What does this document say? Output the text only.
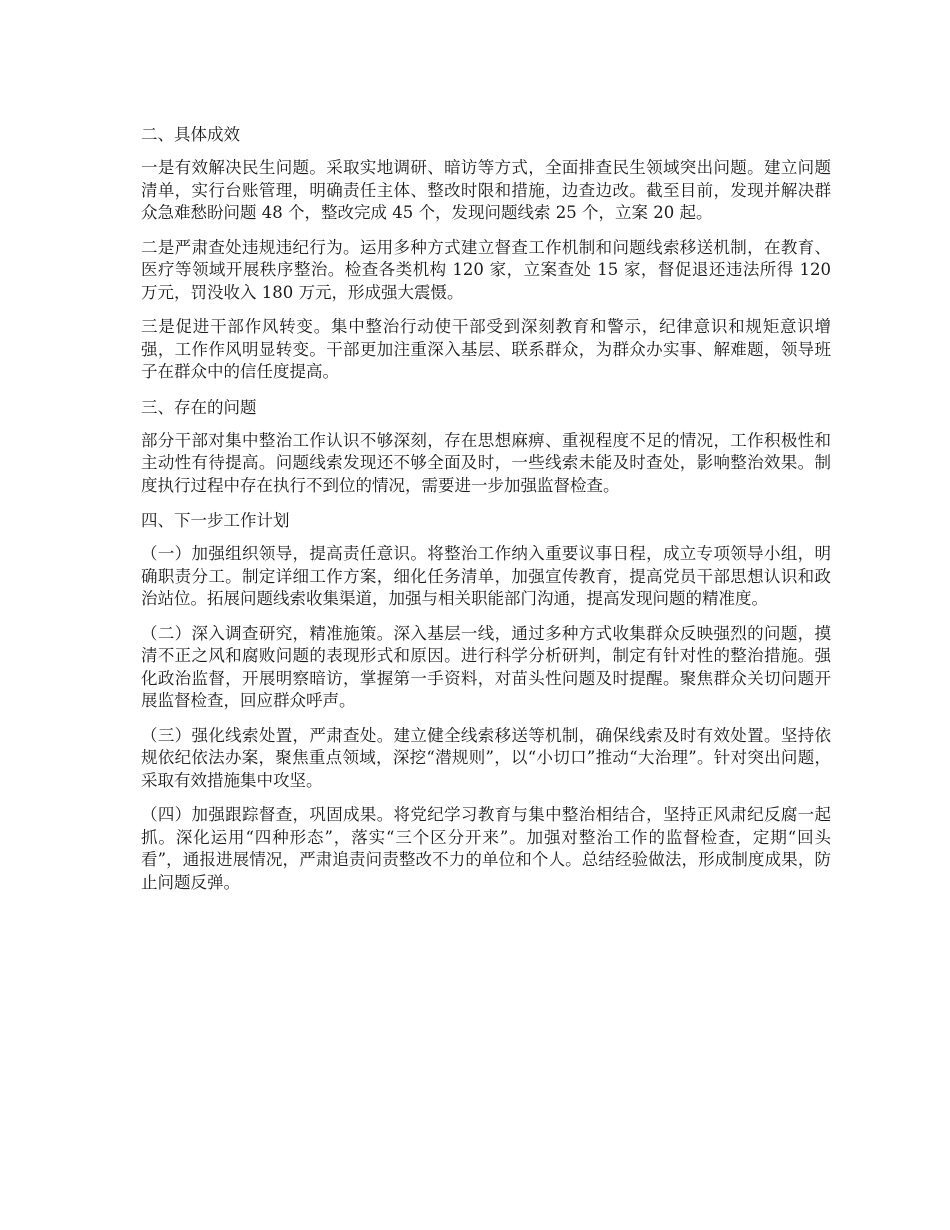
二、具体成效

一是有效解决民生问题。采取实地调研、暗访等方式，全面排查民生领域突出问题。建立问题清单，实行台账管理，明确责任主体、整改时限和措施，边查边改。截至目前，发现并解决群众急难愁盼问题 48 个，整改完成 45 个，发现问题线索 25 个，立案 20 起。

二是严肃查处违规违纪行为。运用多种方式建立督查工作机制和问题线索移送机制，在教育、医疗等领域开展秩序整治。检查各类机构 120 家，立案查处 15 家，督促退还违法所得 120 万元，罚没收入 180 万元，形成强大震慑。

三是促进干部作风转变。集中整治行动使干部受到深刻教育和警示，纪律意识和规矩意识增强，工作作风明显转变。干部更加注重深入基层、联系群众，为群众办实事、解难题，领导班子在群众中的信任度提高。

三、存在的问题

部分干部对集中整治工作认识不够深刻，存在思想麻痹、重视程度不足的情况，工作积极性和主动性有待提高。问题线索发现还不够全面及时，一些线索未能及时查处，影响整治效果。制度执行过程中存在执行不到位的情况，需要进一步加强监督检查。

四、下一步工作计划

（一）加强组织领导，提高责任意识。将整治工作纳入重要议事日程，成立专项领导小组，明确职责分工。制定详细工作方案，细化任务清单，加强宣传教育，提高党员干部思想认识和政治站位。拓展问题线索收集渠道，加强与相关职能部门沟通，提高发现问题的精准度。

（二）深入调查研究，精准施策。深入基层一线，通过多种方式收集群众反映强烈的问题，摸清不正之风和腐败问题的表现形式和原因。进行科学分析研判，制定有针对性的整治措施。强化政治监督，开展明察暗访，掌握第一手资料，对苗头性问题及时提醒。聚焦群众关切问题开展监督检查，回应群众呼声。

（三）强化线索处置，严肃查处。建立健全线索移送等机制，确保线索及时有效处置。坚持依规依纪依法办案，聚焦重点领域，深挖“潜规则”，以“小切口”推动“大治理”。针对突出问题，采取有效措施集中攻坚。

（四）加强跟踪督查，巩固成果。将党纪学习教育与集中整治相结合，坚持正风肃纪反腐一起抓。深化运用“四种形态”，落实“三个区分开来”。加强对整治工作的监督检查，定期“回头看”，通报进展情况，严肃追责问责整改不力的单位和个人。总结经验做法，形成制度成果，防止问题反弹。
